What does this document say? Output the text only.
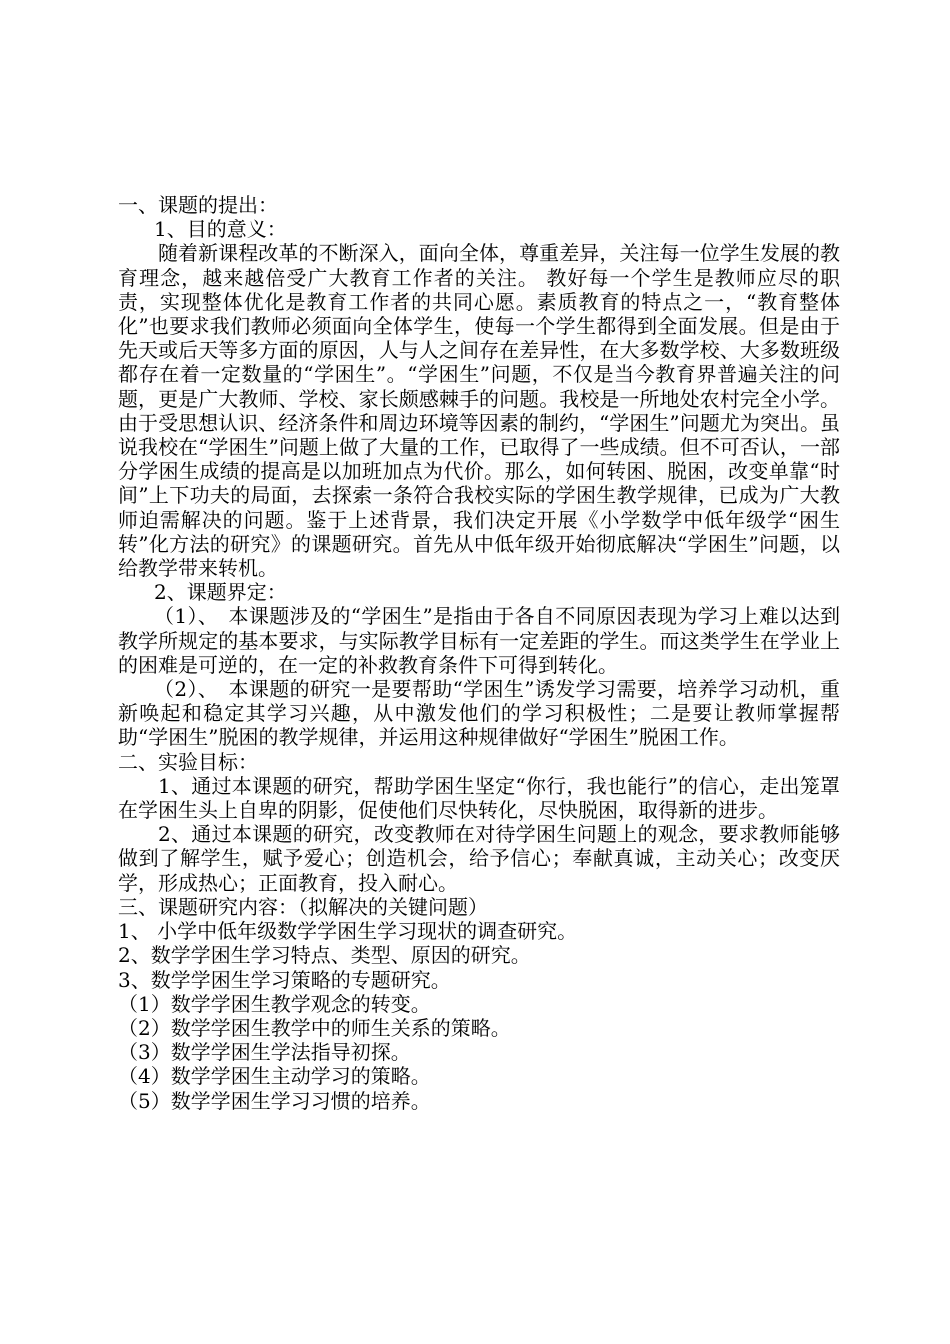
一、课题的提出：

1、目的意义：

随着新课程改革的不断深入，面向全体，尊重差异，关注每一位学生发展的教育理念，越来越倍受广大教育工作者的关注。 教好每一个学生是教师应尽的职责，实现整体优化是教育工作者的共同心愿。素质教育的特点之一，“教育整体化”也要求我们教师必须面向全体学生，使每一个学生都得到全面发展。但是由于先天或后天等多方面的原因，人与人之间存在差异性，在大多数学校、大多数班级都存在着一定数量的“学困生”。“学困生”问题，不仅是当今教育界普遍关注的问题，更是广大教师、学校、家长颇感棘手的问题。我校是一所地处农村完全小学。由于受思想认识、经济条件和周边环境等因素的制约，“学困生”问题尤为突出。虽说我校在“学困生”问题上做了大量的工作，已取得了一些成绩。但不可否认，一部分学困生成绩的提高是以加班加点为代价。那么，如何转困、脱困，改变单靠“时间”上下功夫的局面，去探索一条符合我校实际的学困生教学规律，已成为广大教师迫需解决的问题。鉴于上述背景，我们决定开展《小学数学中低年级学“困生转”化方法的研究》的课题研究。首先从中低年级开始彻底解决“学困生”问题，以给教学带来转机。

2、课题界定：

（1）、　本课题涉及的“学困生”是指由于各自不同原因表现为学习上难以达到教学所规定的基本要求，与实际教学目标有一定差距的学生。而这类学生在学业上的困难是可逆的，在一定的补救教育条件下可得到转化。

（2）、　本课题的研究一是要帮助“学困生”诱发学习需要，培养学习动机，重新唤起和稳定其学习兴趣，从中激发他们的学习积极性；二是要让教师掌握帮助“学困生”脱困的教学规律，并运用这种规律做好“学困生”脱困工作。

二、实验目标：

1、通过本课题的研究，帮助学困生坚定“你行，我也能行”的信心，走出笼罩在学困生头上自卑的阴影，促使他们尽快转化，尽快脱困，取得新的进步。

2、通过本课题的研究，改变教师在对待学困生问题上的观念，要求教师能够做到了解学生，赋予爱心；创造机会，给予信心；奉献真诚，主动关心；改变厌学，形成热心；正面教育，投入耐心。

三、课题研究内容：（拟解决的关键问题）

1、 小学中低年级数学学困生学习现状的调查研究。

2、数学学困生学习特点、类型、原因的研究。

3、数学学困生学习策略的专题研究。

（1）数学学困生教学观念的转变。

（2）数学学困生教学中的师生关系的策略。

（3）数学学困生学法指导初探。

（4）数学学困生主动学习的策略。

（5）数学学困生学习习惯的培养。
